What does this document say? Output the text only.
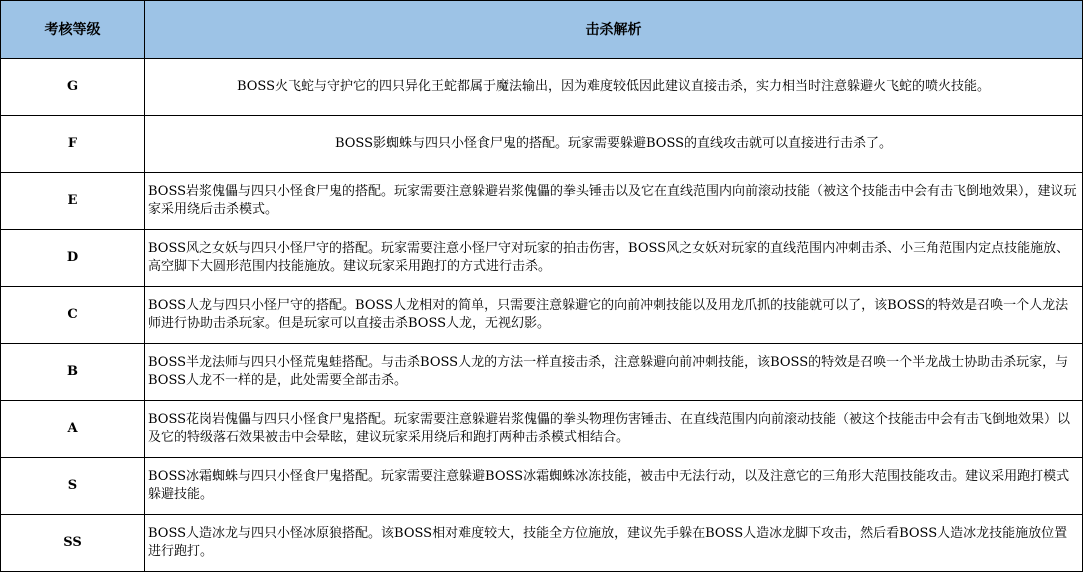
考核等级	击杀解析
G	BOSS火飞蛇与守护它的四只异化王蛇都属于魔法输出，因为难度较低因此建议直接击杀，实力相当时注意躲避火飞蛇的喷火技能。
F	BOSS影蜘蛛与四只小怪食尸鬼的搭配。玩家需要躲避BOSS的直线攻击就可以直接进行击杀了。
E	BOSS岩浆傀儡与四只小怪食尸鬼的搭配。玩家需要注意躲避岩浆傀儡的拳头锤击以及它在直线范围内向前滚动技能（被这个技能击中会有击飞倒地效果），建议玩家采用绕后击杀模式。
D	BOSS风之女妖与四只小怪尸守的搭配。玩家需要注意小怪尸守对玩家的拍击伤害，BOSS风之女妖对玩家的直线范围内冲刺击杀、小三角范围内定点技能施放、高空脚下大圆形范围内技能施放。建议玩家采用跑打的方式进行击杀。
C	BOSS人龙与四只小怪尸守的搭配。BOSS人龙相对的简单，只需要注意躲避它的向前冲刺技能以及用龙爪抓的技能就可以了，该BOSS的特效是召唤一个人龙法师进行协助击杀玩家。但是玩家可以直接击杀BOSS人龙，无视幻影。
B	BOSS半龙法师与四只小怪荒鬼蛙搭配。与击杀BOSS人龙的方法一样直接击杀，注意躲避向前冲刺技能，该BOSS的特效是召唤一个半龙战士协助击杀玩家，与BOSS人龙不一样的是，此处需要全部击杀。
A	BOSS花岗岩傀儡与四只小怪食尸鬼搭配。玩家需要注意躲避岩浆傀儡的拳头物理伤害锤击、在直线范围内向前滚动技能（被这个技能击中会有击飞倒地效果）以及它的特级落石效果被击中会晕眩，建议玩家采用绕后和跑打两种击杀模式相结合。
S	BOSS冰霜蜘蛛与四只小怪食尸鬼搭配。玩家需要注意躲避BOSS冰霜蜘蛛冰冻技能，被击中无法行动，以及注意它的三角形大范围技能攻击。建议采用跑打模式躲避技能。
SS	BOSS人造冰龙与四只小怪冰原狼搭配。该BOSS相对难度较大，技能全方位施放，建议先手躲在BOSS人造冰龙脚下攻击，然后看BOSS人造冰龙技能施放位置进行跑打。
